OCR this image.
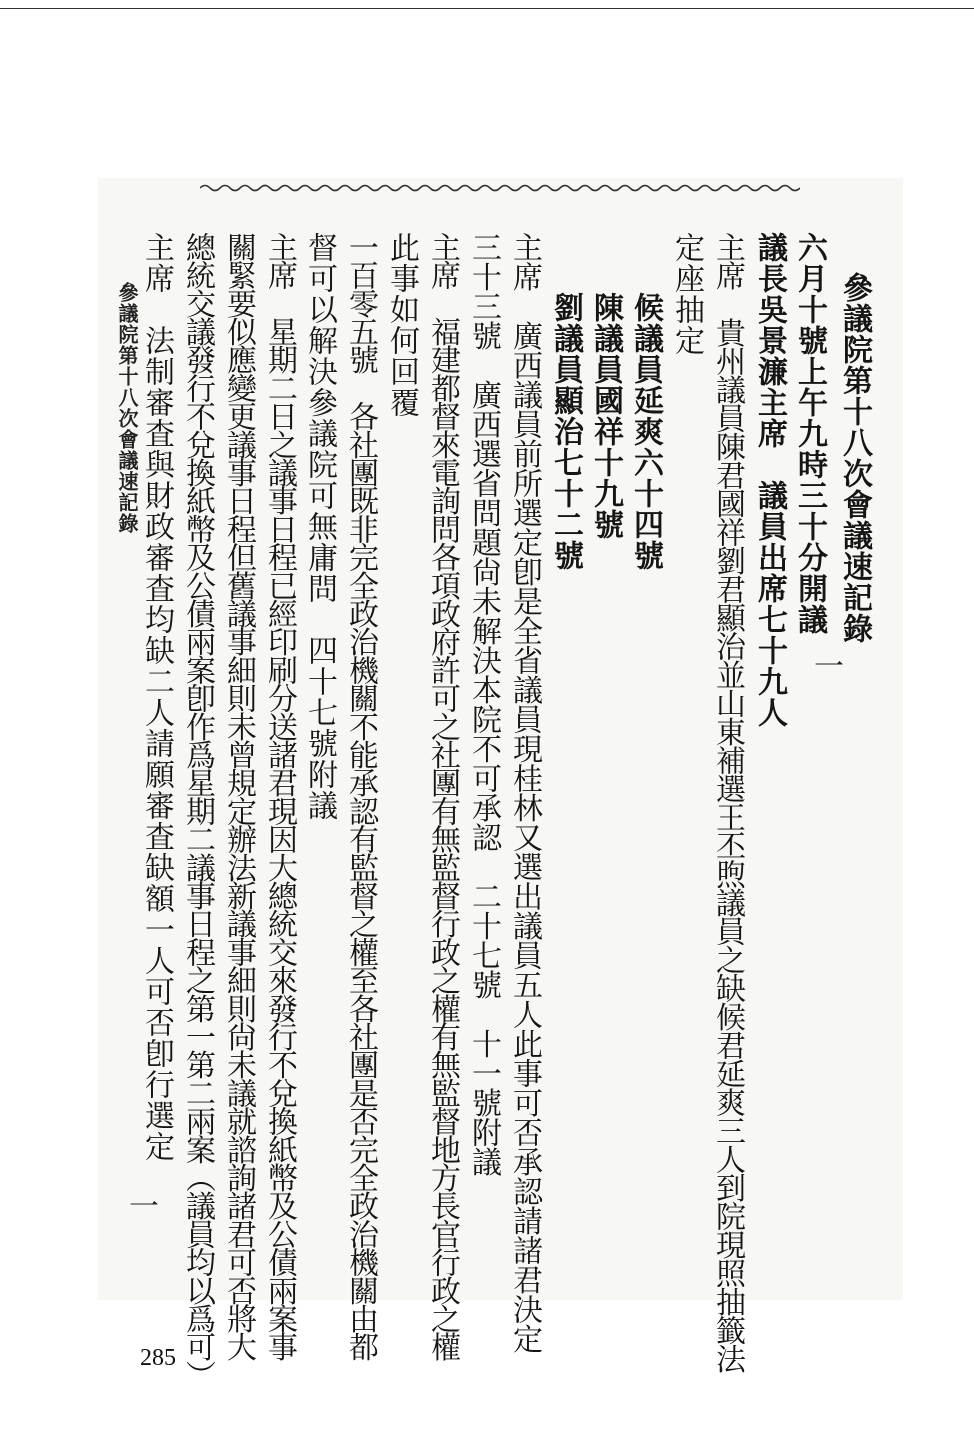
參議院第十八次會議速記錄	參議院第十八次會議速記錄
六月十號上午九時三十分開議
議長吳景濂主席　議員出席七十九人
主席　貴州議員陳君國祥劉君顯治並山東補選王丕煦議員之缺候君延爽三人到院現照抽籤法
定座抽定
候議員延爽六十四號
陳議員國祥十九號
劉議員顯治七十二號
主席　廣西議員前所選定卽是全省議員現桂林又選出議員五人此事可否承認請諸君決定
三十三號　廣西選省問題尙未解決本院不可承認　二十七號　十一號附議
主席　福建都督來電詢問各項政府許可之社團有無監督行政之權有無監督地方長官行政之權
此事如何回覆
一百零五號　各社團既非完全政治機關不能承認有監督之權至各社團是否完全政治機關由都
督可以解決參議院可無庸問　四十七號附議
主席　星期二日之議事日程已經印刷分送諸君現因大總統交來發行不兌換紙幣及公債兩案事
關緊要似應變更議事日程但舊議事細則未曾規定辦法新議事細則尙未議就諮詢諸君可否將大
總統交議發行不兌換紙幣及公債兩案卽作爲星期二議事日程之第一第二兩案（議員均以爲可）
主席　法制審査與財政審査均缺二人請願審査缺額一人可否卽行選定	一
一
285
